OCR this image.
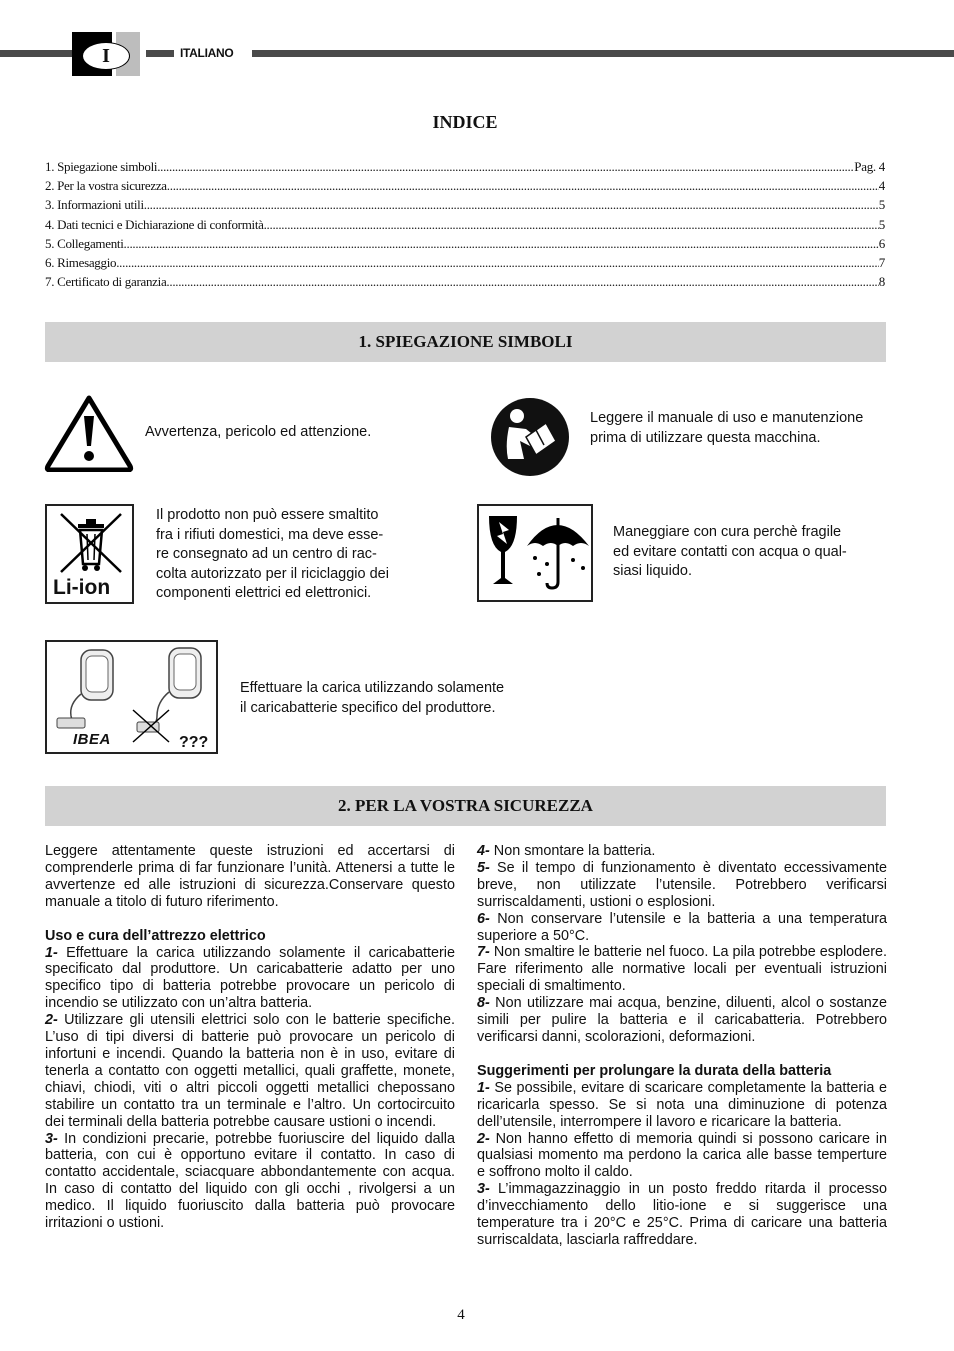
I	ITALIANO
INDICE
1. Spiegazione simboli .....	Pag. 4
2. Per la vostra sicurezza .....	4
3. Informazioni utili .....	5
4. Dati tecnici e Dichiarazione di conformità .....	5
5. Collegamenti .....	6
6. Rimesaggio .....	7
7. Certificato di garanzia .....	8
1. SPIEGAZIONE SIMBOLI
Avvertenza, pericolo ed attenzione.
Leggere il manuale di uso e manutenzione
prima di utilizzare questa macchina.
Li-ion
Il prodotto non può essere smaltito
fra i rifiuti domestici, ma deve esse-
re consegnato ad un centro di rac-
colta autorizzato per il riciclaggio dei
componenti elettrici ed elettronici.
Maneggiare con cura perchè fragile
ed evitare contatti con acqua o qual-
siasi liquido.
IBEA	???
Effettuare la carica utilizzando solamente
il caricabatterie specifico del produttore.
2. PER LA VOSTRA SICUREZZA

Leggere attentamente queste istruzioni ed accertarsi di comprenderle prima di far funzionare l’unità. Attenersi a tutte le avvertenze ed alle istruzioni di sicurezza.Conservare questo manuale a titolo di futuro riferimento.

Uso e cura dell’attrezzo elettrico

1- Effettuare la carica utilizzando solamente il caricabatterie specificato dal produttore. Un caricabatterie adatto per uno specifico tipo di batteria potrebbe provocare un pericolo di incendio se utilizzato con un’altra batteria.

2- Utilizzare gli utensili elettrici solo con le batterie specifiche. L’uso di tipi diversi di batterie può provocare un pericolo di infortuni e incendi. Quando la batteria non è in uso, evitare di tenerla a contatto con oggetti metallici, quali graffette, monete, chiavi, chiodi, viti o altri piccoli oggetti metallici chepossano stabilire un contatto tra un terminale e l’altro. Un cortocircuito dei terminali della batteria potrebbe causare ustioni o incendi.

3- In condizioni precarie, potrebbe fuoriuscire del liquido dalla batteria, con cui è opportuno evitare il contatto. In caso di contatto accidentale, sciacquare abbondantemente con acqua. In caso di contatto del liquido con gli occhi , rivolgersi a un medico. Il liquido fuoriuscito dalla batteria può provocare irritazioni o ustioni.

4- Non smontare la batteria.

5- Se il tempo di funzionamento è diventato eccessivamente breve, non utilizzate l’utensile. Potrebbero verificarsi surriscaldamenti, ustioni o esplosioni.

6- Non conservare l’utensile e la batteria a una temperatura superiore a 50°C.

7- Non smaltire le batterie nel fuoco. La pila potrebbe esplodere. Fare riferimento alle normative locali per eventuali istruzioni speciali di smaltimento.

8- Non utilizzare mai acqua, benzine, diluenti, alcol o sostanze simili per pulire la batteria e il caricabatteria. Potrebbero verificarsi danni, scolorazioni, deformazioni.

Suggerimenti per prolungare la durata della batteria

1- Se possibile, evitare di scaricare completamente la batteria e ricaricarla spesso. Se si nota una diminuzione di potenza dell’utensile, interrompere il lavoro e ricaricare la batteria.

2- Non hanno effetto di memoria quindi si possono caricare in qualsiasi momento ma perdono la carica alle basse temperture e soffrono molto il caldo.

3- L’immagazzinaggio in un posto freddo ritarda il processo d’invecchiamento dello litio-ione e si suggerisce una temperature tra i 20°C e 25°C. Prima di caricare una batteria surriscaldata, lasciarla raffreddare.

4
